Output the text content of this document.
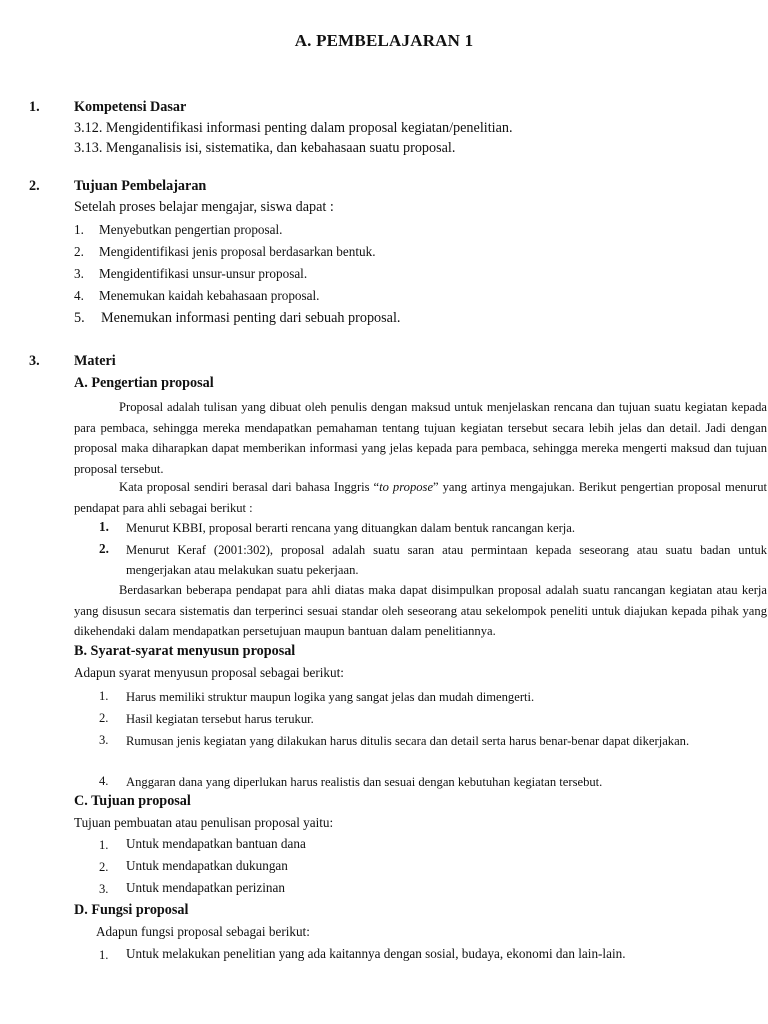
A. PEMBELAJARAN 1
1. Kompetensi Dasar
3.12. Mengidentifikasi informasi penting dalam proposal kegiatan/penelitian.
3.13. Menganalisis isi, sistematika, dan kebahasaan suatu proposal.
2. Tujuan Pembelajaran
Setelah proses belajar mengajar, siswa dapat :
1. Menyebutkan pengertian proposal.
2. Mengidentifikasi jenis proposal berdasarkan bentuk.
3. Mengidentifikasi unsur-unsur proposal.
4. Menemukan kaidah kebahasaan proposal.
5. Menemukan informasi penting dari sebuah proposal.
3. Materi
A. Pengertian proposal
Proposal adalah tulisan yang dibuat oleh penulis dengan maksud untuk menjelaskan rencana dan tujuan suatu kegiatan kepada para pembaca, sehingga mereka mendapatkan pemahaman tentang tujuan kegiatan tersebut secara lebih jelas dan detail. Jadi dengan proposal maka diharapkan dapat memberikan informasi yang jelas kepada para pembaca, sehingga mereka mengerti maksud dan tujuan proposal tersebut.
Kata proposal sendiri berasal dari bahasa Inggris “to propose” yang artinya mengajukan. Berikut pengertian proposal menurut pendapat para ahli sebagai berikut :
1. Menurut KBBI, proposal berarti rencana yang dituangkan dalam bentuk rancangan kerja.
2. Menurut Keraf (2001:302), proposal adalah suatu saran atau permintaan kepada seseorang atau suatu badan untuk mengerjakan atau melakukan suatu pekerjaan.
Berdasarkan beberapa pendapat para ahli diatas maka dapat disimpulkan proposal adalah suatu rancangan kegiatan atau kerja yang disusun secara sistematis dan terperinci sesuai standar oleh seseorang atau sekelompok peneliti untuk diajukan kepada pihak yang dikehendaki dalam mendapatkan persetujuan maupun bantuan dalam penelitiannya.
B. Syarat-syarat menyusun proposal
Adapun syarat menyusun proposal sebagai berikut:
1. Harus memiliki struktur maupun logika yang sangat jelas dan mudah dimengerti.
2. Hasil kegiatan tersebut harus terukur.
3. Rumusan jenis kegiatan yang dilakukan harus ditulis secara dan detail serta harus benar-benar dapat dikerjakan.
4. Anggaran dana yang diperlukan harus realistis dan sesuai dengan kebutuhan kegiatan tersebut.
C. Tujuan proposal
Tujuan pembuatan atau penulisan proposal yaitu:
1. Untuk mendapatkan bantuan dana
2. Untuk mendapatkan dukungan
3. Untuk mendapatkan perizinan
D. Fungsi proposal
Adapun fungsi proposal sebagai berikut:
1. Untuk melakukan penelitian yang ada kaitannya dengan sosial, budaya, ekonomi dan lain-lain.
